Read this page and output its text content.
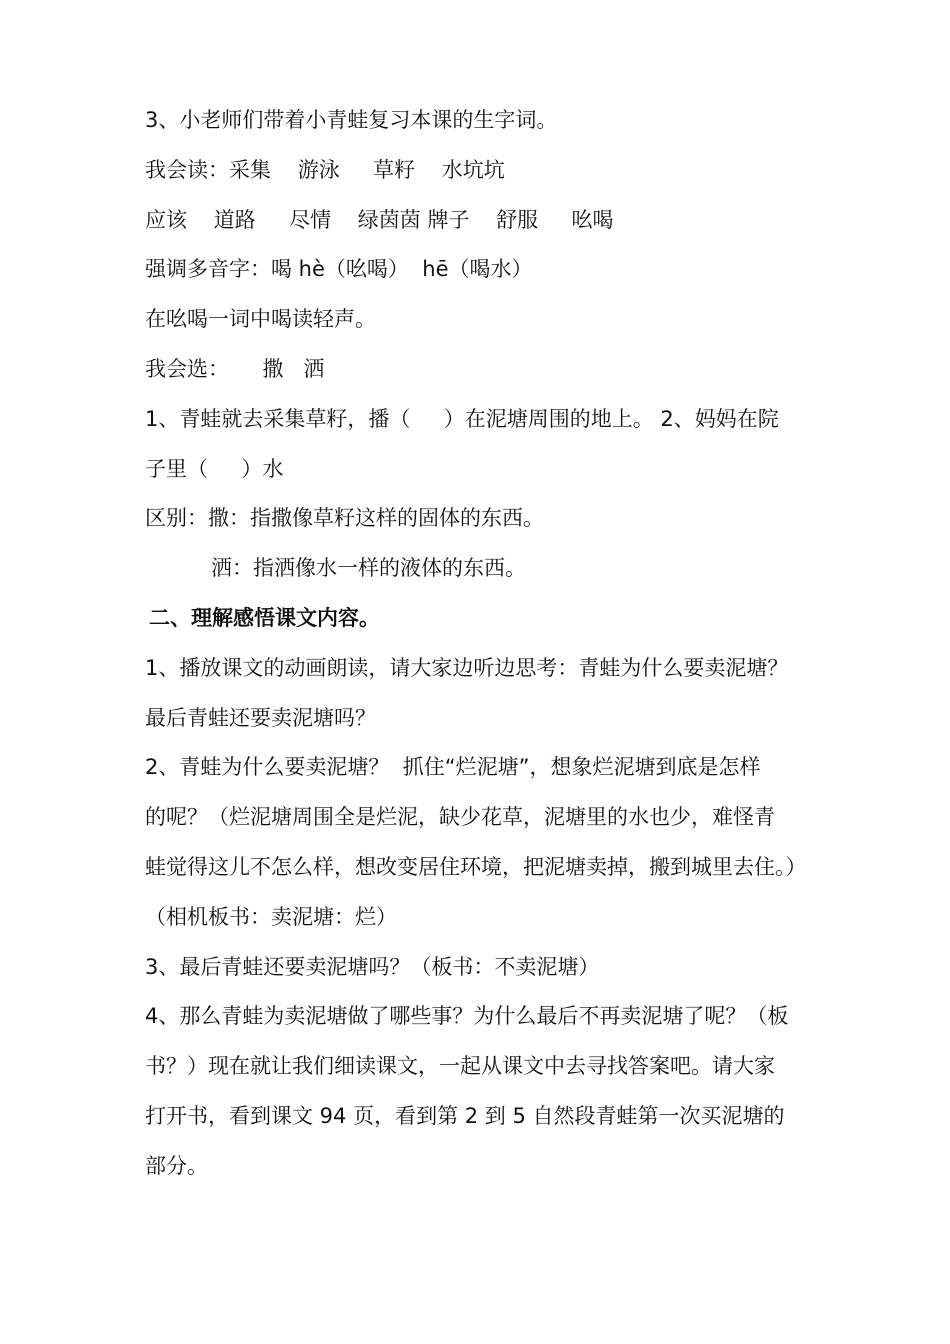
3、小老师们带着小青蛙复习本课的生字词。

我会读：采集    游泳     草籽    水坑坑

应该    道路     尽情    绿茵茵 牌子    舒服     吆喝

强调多音字：喝 hè（吆喝）  hē（喝水）

在吆喝一词中喝读轻声。

我会选：     撒   洒

1、青蛙就去采集草籽，播（     ）在泥塘周围的地上。 2、妈妈在院

子里（     ）水

区别：撒：指撒像草籽这样的固体的东西。

洒：指洒像水一样的液体的东西。

二、理解感悟课文内容。

1、播放课文的动画朗读，请大家边听边思考：青蛙为什么要卖泥塘？

最后青蛙还要卖泥塘吗？

2、青蛙为什么要卖泥塘？  抓住“烂泥塘”，想象烂泥塘到底是怎样

的呢？（烂泥塘周围全是烂泥，缺少花草，泥塘里的水也少，难怪青

蛙觉得这儿不怎么样，想改变居住环境，把泥塘卖掉，搬到城里去住。）

（相机板书：卖泥塘：烂）

3、最后青蛙还要卖泥塘吗？（板书：不卖泥塘）

4、那么青蛙为卖泥塘做了哪些事？为什么最后不再卖泥塘了呢？（板

书？）现在就让我们细读课文，一起从课文中去寻找答案吧。请大家

打开书，看到课文 94 页，看到第 2 到 5 自然段青蛙第一次买泥塘的

部分。
